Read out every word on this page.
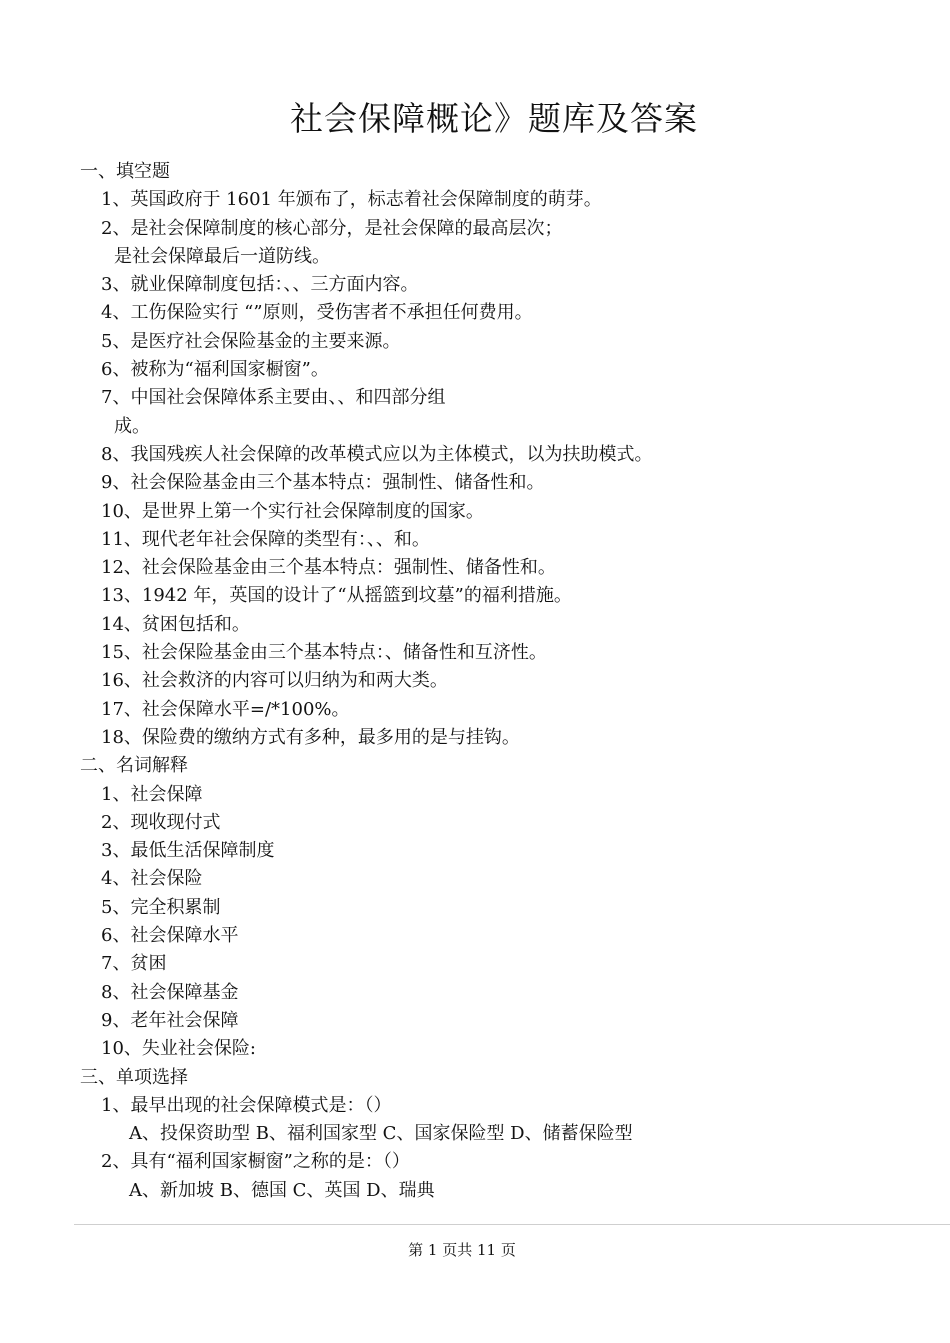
社会保障概论》题库及答案
一、填空题
1、英国政府于 1601 年颁布了，标志着社会保障制度的萌芽。
2、是社会保障制度的核心部分，是社会保障的最高层次；
是社会保障最后一道防线。
3、就业保障制度包括：、、三方面内容。
4、工伤保险实行 “”原则，受伤害者不承担任何费用。
5、是医疗社会保险基金的主要来源。
6、被称为“福利国家橱窗”。
7、中国社会保障体系主要由、、和四部分组
成。
8、我国残疾人社会保障的改革模式应以为主体模式，以为扶助模式。
9、社会保险基金由三个基本特点：强制性、储备性和。
10、是世界上第一个实行社会保障制度的国家。
11、现代老年社会保障的类型有：、、和。
12、社会保险基金由三个基本特点：强制性、储备性和。
13、1942 年，英国的设计了“从摇篮到坟墓”的福利措施。
14、贫困包括和。
15、社会保险基金由三个基本特点：、储备性和互济性。
16、社会救济的内容可以归纳为和两大类。
17、社会保障水平=/*100%。
18、保险费的缴纳方式有多种，最多用的是与挂钩。
二、名词解释
1、社会保障
2、现收现付式
3、最低生活保障制度
4、社会保险
5、完全积累制
6、社会保障水平
7、贫困
8、社会保障基金
9、老年社会保障
10、失业社会保险:
三、单项选择
1、最早出现的社会保障模式是：（）
A、投保资助型 B、福利国家型 C、国家保险型 D、储蓄保险型
2、具有“福利国家橱窗”之称的是：（）
A、新加坡 B、德国 C、英国 D、瑞典
第 1 页共 11 页
